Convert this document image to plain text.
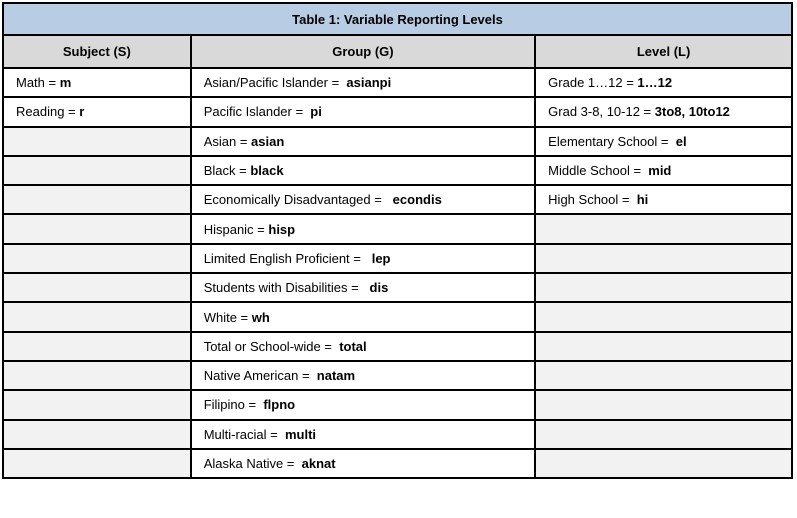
Table 1: Variable Reporting Levels		
Subject (S)	Group (G)	Level (L)
Math = m	Asian/Pacific Islander =  asianpi	Grade 1…12 = 1…12
Reading = r	Pacific Islander =  pi	Grad 3-8, 10-12 = 3to8, 10to12
	Asian = asian	Elementary School =  el
	Black = black	Middle School =  mid
	Economically Disadvantaged =   econdis	High School =  hi
	Hispanic = hisp	
	Limited English Proficient =   lep	
	Students with Disabilities =   dis	
	White = wh	
	Total or School-wide =  total	
	Native American =  natam	
	Filipino =  flpno	
	Multi-racial =  multi	
	Alaska Native =  aknat	
